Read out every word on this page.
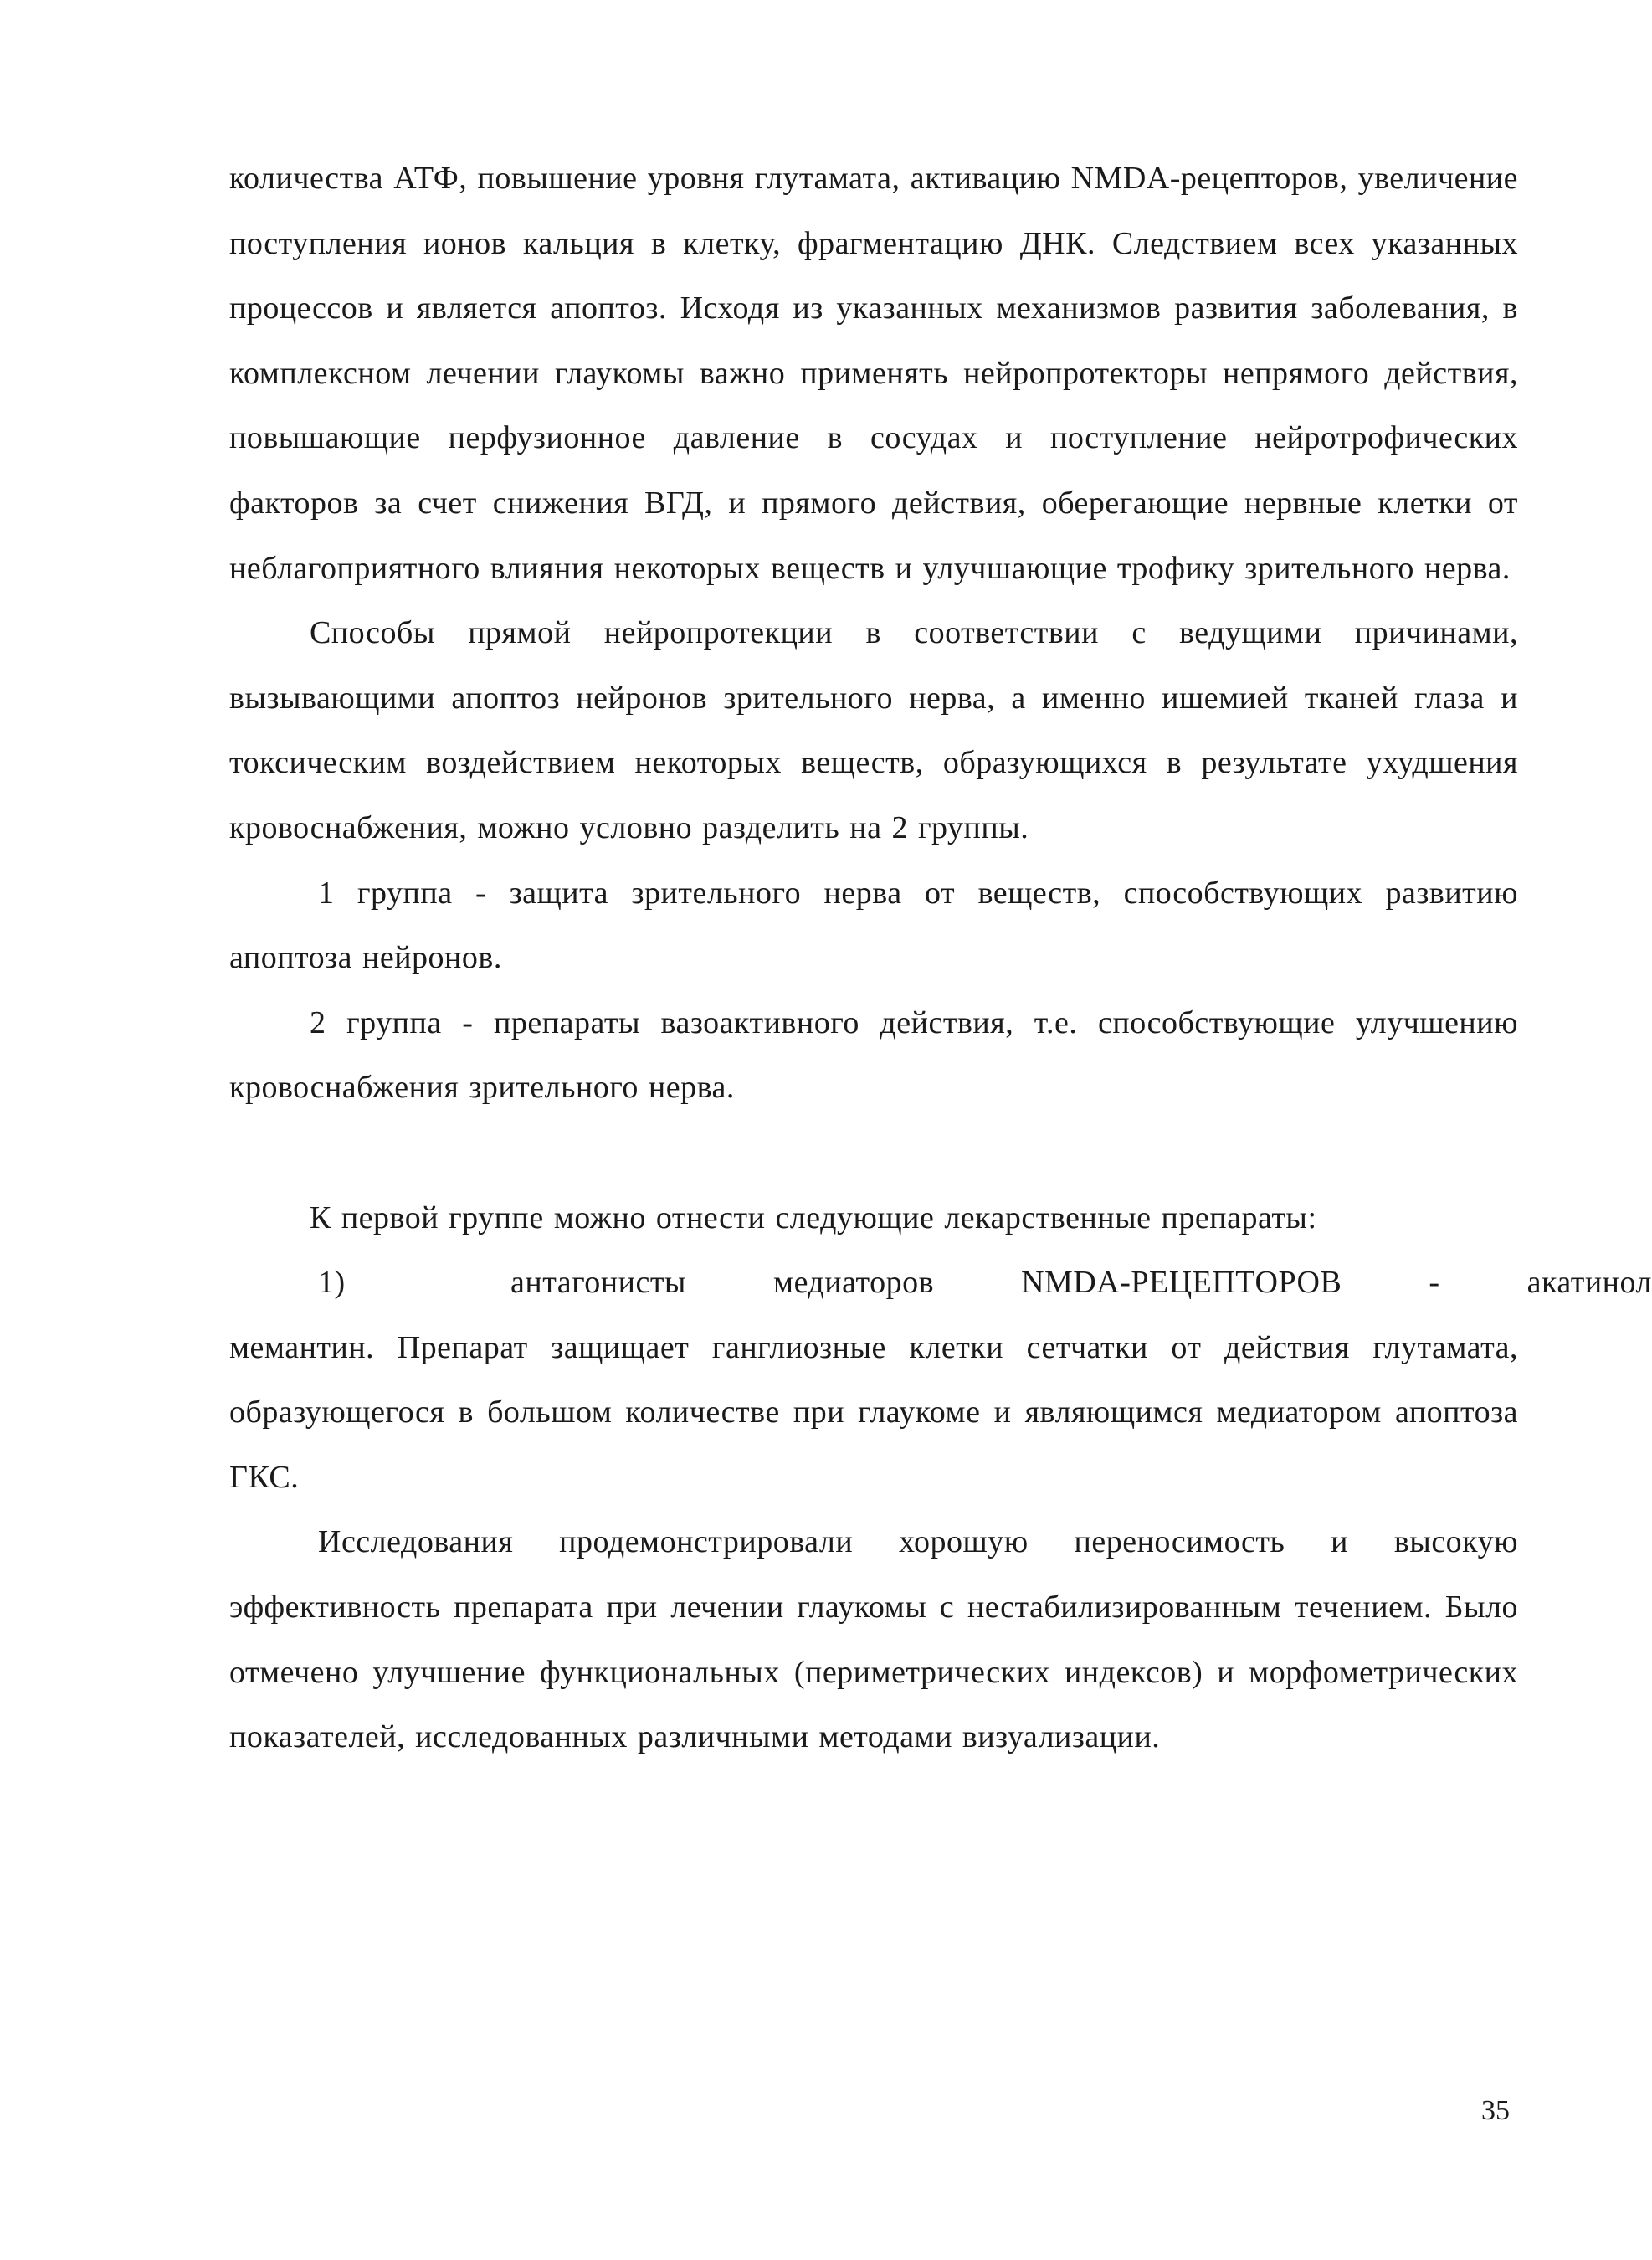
количества АТФ, повышение уровня глутамата, активацию NMDA-рецепторов, увеличение поступления ионов кальция в клетку, фрагментацию ДНК. Следствием всех указанных процессов и является апоптоз. Исходя из указанных механизмов развития заболевания, в комплексном лечении глаукомы важно применять нейропротекторы непрямого действия, повышающие перфузионное давление в сосудах и поступление нейротрофических факторов за счет снижения ВГД, и прямого действия, оберегающие нервные клетки от неблагоприятного влияния некоторых веществ и улучшающие трофику зрительного нерва.

Способы прямой нейропротекции в соответствии с ведущими причинами, вызывающими апоптоз нейронов зрительного нерва, а именно ишемией тканей глаза и токсическим воздействием некоторых веществ, образующихся в результате ухудшения кровоснабжения, можно условно разделить на 2 группы.

1 группа - защита зрительного нерва от веществ, способствующих развитию апоптоза нейронов.

2 группа - препараты вазоактивного действия, т.е. способствующие улучшению кровоснабжения зрительного нерва.

К первой группе можно отнести следующие лекарственные препараты:

1)	антагонисты	медиаторов	NMDA-РЕЦЕПТОРОВ	-	акатинол

мемантин. Препарат защищает ганглиозные клетки сетчатки от действия глутамата, образующегося в большом количестве при глаукоме и являющимся медиатором апоптоза ГКС.

Исследования продемонстрировали хорошую переносимость и высокую эффективность препарата при лечении глаукомы с нестабилизированным течением. Было отмечено улучшение функциональных (периметрических индексов) и морфометрических показателей, исследованных различными методами визуализации.

35
